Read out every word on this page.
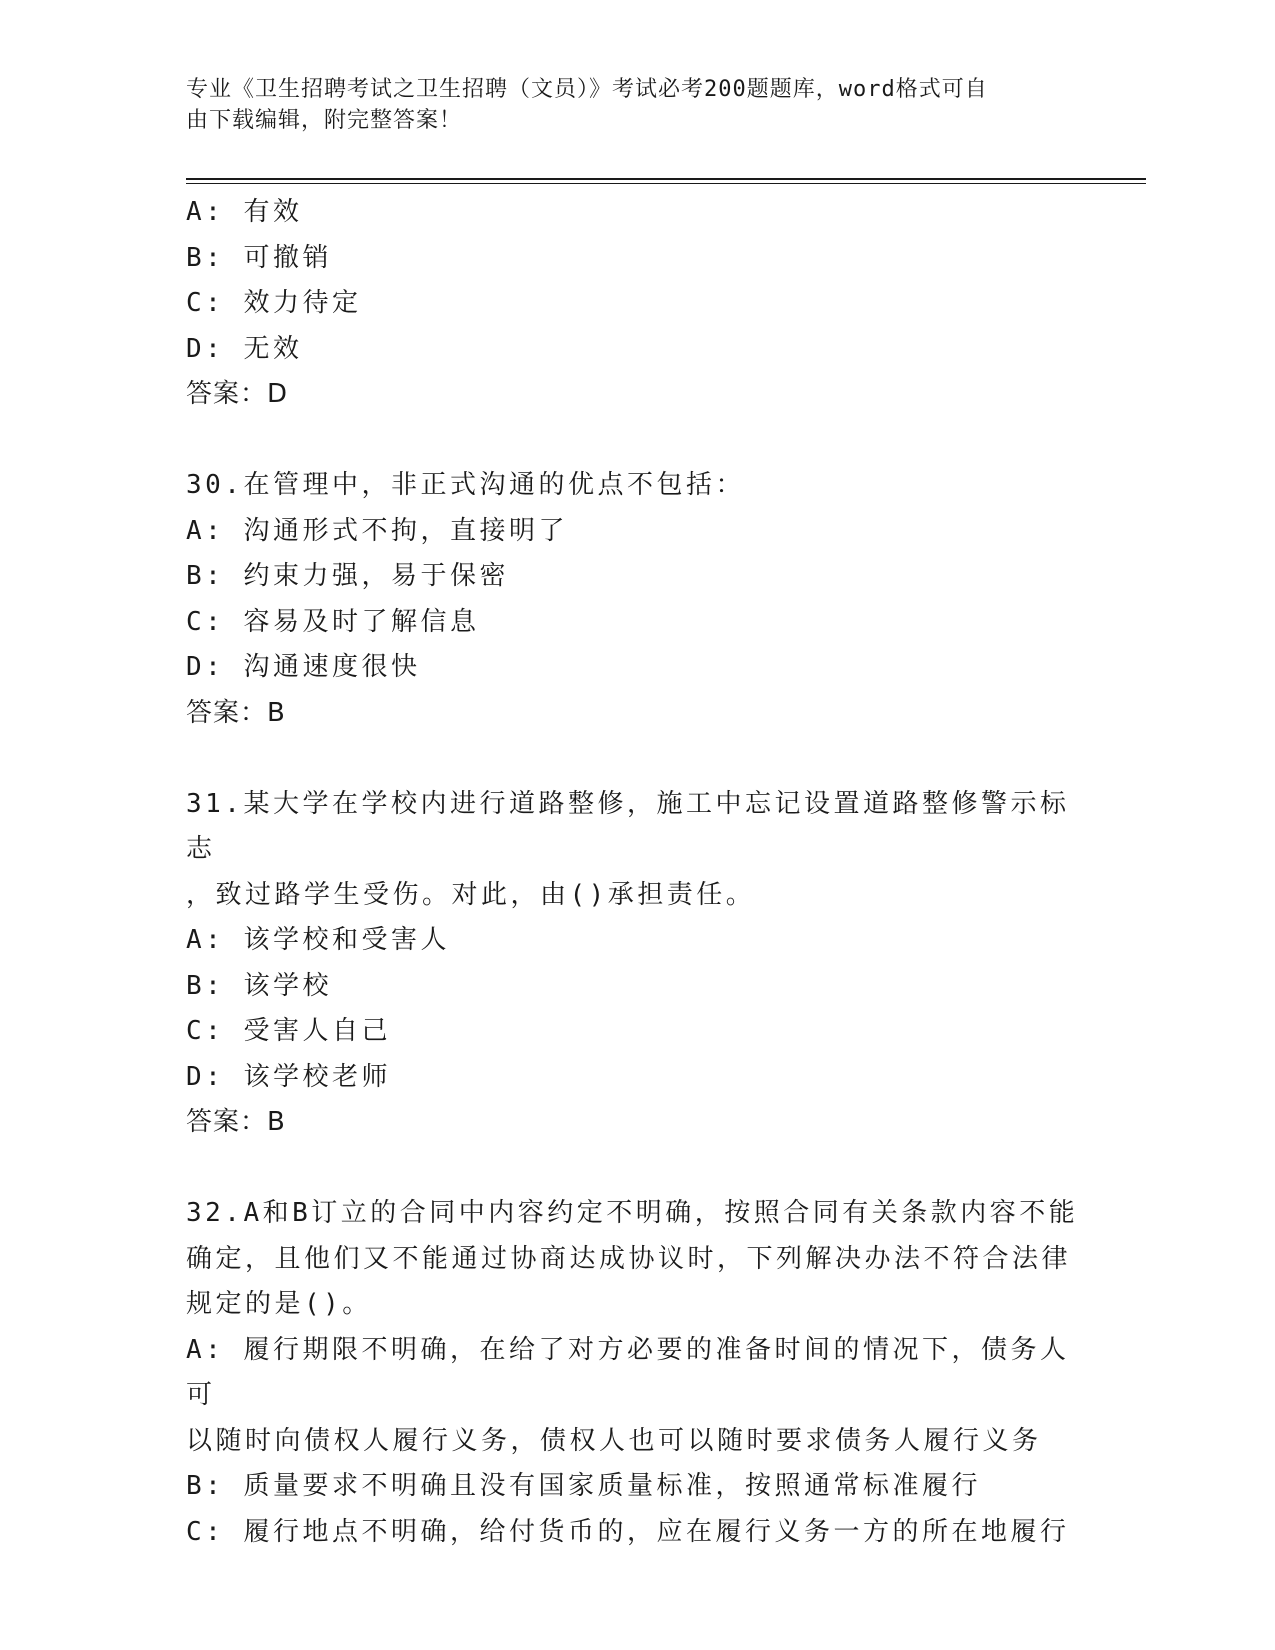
专业《卫生招聘考试之卫生招聘（文员）》考试必考200题题库，word格式可自
由下载编辑，附完整答案！
A: 有效
B: 可撤销
C: 效力待定
D: 无效
答案：D
30.在管理中，非正式沟通的优点不包括：
A: 沟通形式不拘，直接明了
B: 约束力强，易于保密
C: 容易及时了解信息
D: 沟通速度很快
答案：B
31.某大学在学校内进行道路整修，施工中忘记设置道路整修警示标志
，致过路学生受伤。对此，由()承担责任。
A: 该学校和受害人
B: 该学校
C: 受害人自己
D: 该学校老师
答案：B
32.A和B订立的合同中内容约定不明确，按照合同有关条款内容不能
确定，且他们又不能通过协商达成协议时，下列解决办法不符合法律
规定的是()。
A: 履行期限不明确，在给了对方必要的准备时间的情况下，债务人可
以随时向债权人履行义务，债权人也可以随时要求债务人履行义务
B: 质量要求不明确且没有国家质量标准，按照通常标准履行
C: 履行地点不明确，给付货币的，应在履行义务一方的所在地履行
